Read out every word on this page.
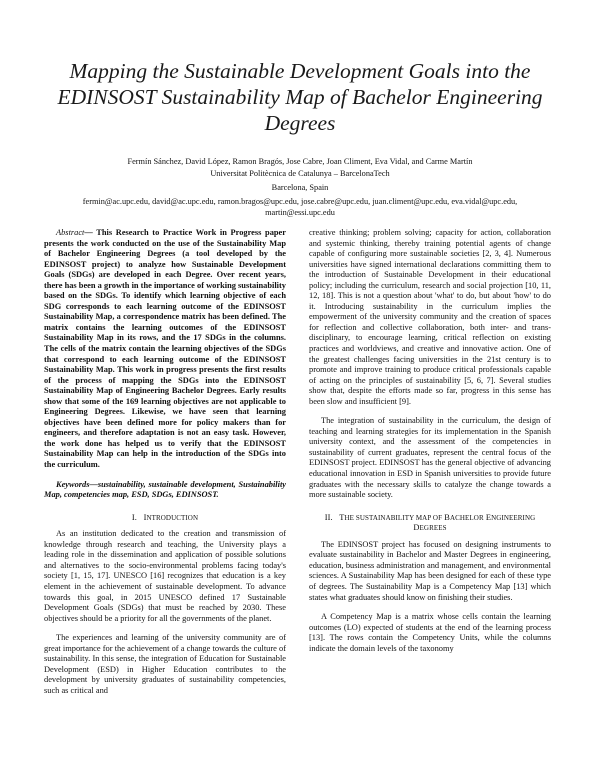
Mapping the Sustainable Development Goals into the EDINSOST Sustainability Map of Bachelor Engineering Degrees
Fermín Sánchez, David López, Ramon Bragós, Jose Cabre, Joan Climent, Eva Vidal, and Carme Martín
Universitat Politècnica de Catalunya – BarcelonaTech
Barcelona, Spain
fermin@ac.upc.edu, david@ac.upc.edu, ramon.bragos@upc.edu, jose.cabre@upc.edu, juan.climent@upc.edu, eva.vidal@upc.edu, martin@essi.upc.edu

Abstract— This Research to Practice Work in Progress paper presents the work conducted on the use of the Sustainability Map of Bachelor Engineering Degrees (a tool developed by the EDINSOST project) to analyze how Sustainable Development Goals (SDGs) are developed in each Degree. Over recent years, there has been a growth in the importance of working sustainability based on the SDGs. To identify which learning objective of each SDG corresponds to each learning outcome of the EDINSOST Sustainability Map, a correspondence matrix has been defined. The matrix contains the learning outcomes of the EDINSOST Sustainability Map in its rows, and the 17 SDGs in the columns. The cells of the matrix contain the learning objectives of the SDGs that correspond to each learning outcome of the EDINSOST Sustainability Map. This work in progress presents the first results of the process of mapping the SDGs into the EDINSOST Sustainability Map of Engineering Bachelor Degrees. Early results show that some of the 169 learning objectives are not applicable to Engineering Degrees. Likewise, we have seen that learning objectives have been defined more for policy makers than for engineers, and therefore adaptation is not an easy task. However, the work done has helped us to verify that the EDINSOST Sustainability Map can help in the introduction of the SDGs into the curriculum.

Keywords—sustainability, sustainable development, Sustainability Map, competencies map, ESD, SDGs, EDINSOST.

I. INTRODUCTION

As an institution dedicated to the creation and transmission of knowledge through research and teaching, the University plays a leading role in the dissemination and application of possible solutions and alternatives to the socio-environmental problems facing today's society [1, 15, 17]. UNESCO [16] recognizes that education is a key element in the achievement of sustainable development. To advance towards this goal, in 2015 UNESCO defined 17 Sustainable Development Goals (SDGs) that must be reached by 2030. These objectives should be a priority for all the governments of the planet.

The experiences and learning of the university community are of great importance for the achievement of a change towards the culture of sustainability. In this sense, the integration of Education for Sustainable Development (ESD) in Higher Education contributes to the development by university graduates of sustainability competencies, such as critical and

creative thinking; problem solving; capacity for action, collaboration and systemic thinking, thereby training potential agents of change capable of configuring more sustainable societies [2, 3, 4]. Numerous universities have signed international declarations committing them to the introduction of Sustainable Development in their educational policy; including the curriculum, research and social projection [10, 11, 12, 18]. This is not a question about 'what' to do, but about 'how' to do it. Introducing sustainability in the curriculum implies the empowerment of the university community and the creation of spaces for reflection and collective collaboration, both inter- and trans-disciplinary, to encourage learning, critical reflection on existing practices and worldviews, and creative and innovative action. One of the greatest challenges facing universities in the 21st century is to promote and improve training to produce critical professionals capable of acting on the principles of sustainability [5, 6, 7]. Several studies show that, despite the efforts made so far, progress in this sense has been slow and insufficient [9].

The integration of sustainability in the curriculum, the design of teaching and learning strategies for its implementation in the Spanish university context, and the assessment of the competencies in sustainability of current graduates, represent the central focus of the EDINSOST project. EDINSOST has the general objective of advancing educational innovation in ESD in Spanish universities to provide future graduates with the necessary skills to catalyze the change towards a more sustainable society.

II. THE SUSTAINABILITY MAP OF BACHELOR ENGINEERING
DEGREES

The EDINSOST project has focused on designing instruments to evaluate sustainability in Bachelor and Master Degrees in engineering, education, business administration and management, and environmental sciences. A Sustainability Map has been designed for each of these type of degrees. The Sustainability Map is a Competency Map [13] which states what graduates should know on finishing their studies.

A Competency Map is a matrix whose cells contain the learning outcomes (LO) expected of students at the end of the learning process [13]. The rows contain the Competency Units, while the columns indicate the domain levels of the taxonomy
